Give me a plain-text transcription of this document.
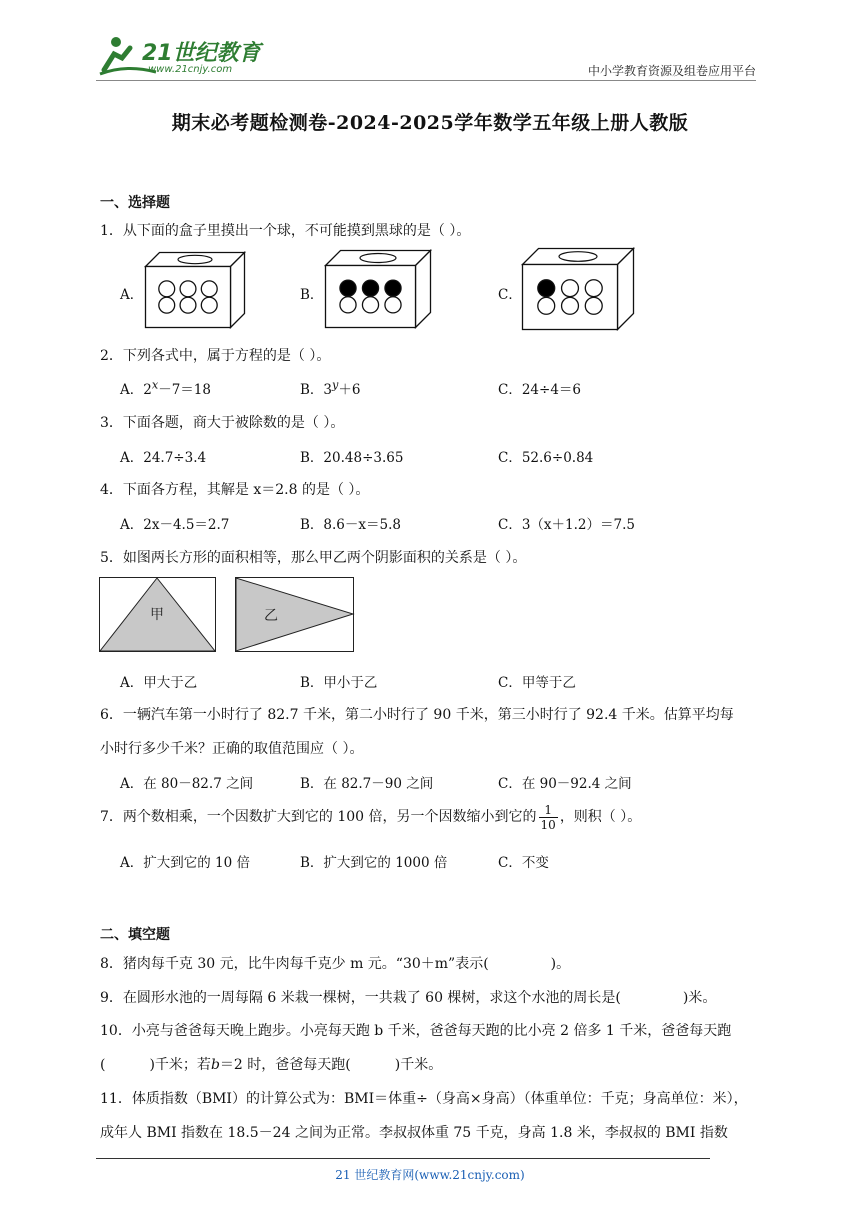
21世纪教育
www.21cnjy.com	中小学教育资源及组卷应用平台
期末必考题检测卷-2024-2025学年数学五年级上册人教版
一、选择题
1．从下面的盒子里摸出一个球，不可能摸到黑球的是（ ）。
A．	B．	C．
2．下列各式中，属于方程的是（ ）。
A．$2^x-7=18$	B．$3^y+6$	C．24÷4＝6
3．下面各题，商大于被除数的是（ ）。
A．24.7÷3.4	B．20.48÷3.65	C．52.6÷0.84
4．下面各方程，其解是 x＝2.8 的是（ ）。
A．2x－4.5＝2.7	B．8.6－x＝5.8	C．3（x＋1.2）＝7.5
5．如图两长方形的面积相等，那么甲乙两个阴影面积的关系是（ ）。
甲	乙
A．甲大于乙	B．甲小于乙	C．甲等于乙
6．一辆汽车第一小时行了 82.7 千米，第二小时行了 90 千米，第三小时行了 92.4 千米。估算平均每
小时行多少千米？正确的取值范围应（ ）。
A．在 80－82.7 之间	B．在 82.7－90 之间	C．在 90－92.4 之间
7．两个数相乘，一个因数扩大到它的 100 倍，另一个因数缩小到它的 $\frac{1}{10}$ ，则积（ ）。
A．扩大到它的 10 倍	B．扩大到它的 1000 倍	C．不变
二、填空题
8．猪肉每千克 30 元，比牛肉每千克少 m 元。“30＋m”表示(	)。
9．在圆形水池的一周每隔 6 米栽一棵树，一共栽了 60 棵树，求这个水池的周长是(	)米。
10．小亮与爸爸每天晚上跑步。小亮每天跑 b 千米，爸爸每天跑的比小亮 2 倍多 1 千米，爸爸每天跑
(	)千米；若b＝2 时，爸爸每天跑(	)千米。
11．体质指数（BMI）的计算公式为：BMI＝体重÷（身高×身高）（体重单位：千克；身高单位：米），
成年人 BMI 指数在 18.5－24 之间为正常。李叔叔体重 75 千克，身高 1.8 米，李叔叔的 BMI 指数
21 世纪教育网(www.21cnjy.com)
